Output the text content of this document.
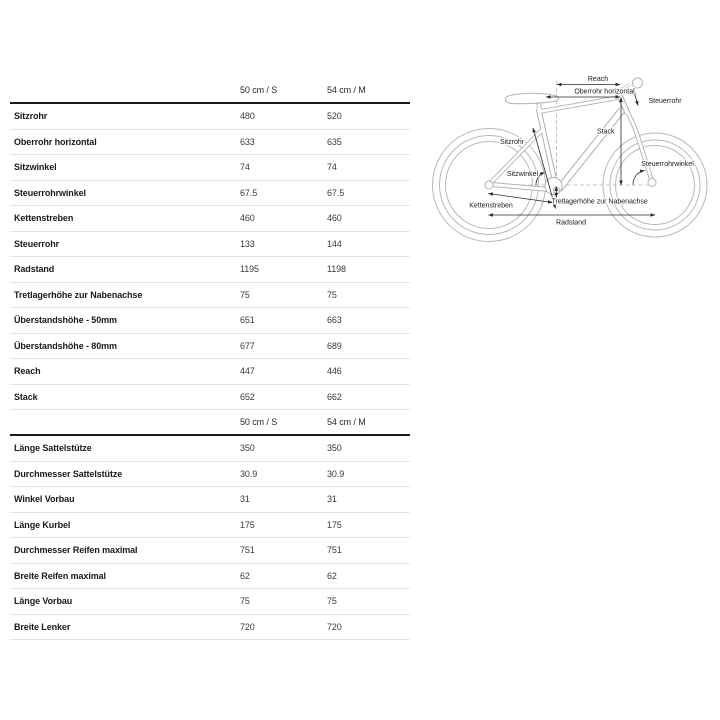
50 cm / S	54 cm / M
Sitzrohr	480	520
Oberrohr horizontal	633	635
Sitzwinkel	74	74
Steuerrohrwinkel	67.5	67.5
Kettenstreben	460	460
Steuerrohr	133	144
Radstand	1195	1198
Tretlagerhöhe zur Nabenachse	75	75
Überstandshöhe - 50mm	651	663
Überstandshöhe - 80mm	677	689
Reach	447	446
Stack	652	662
50 cm / S	54 cm / M
Länge Sattelstütze	350	350
Durchmesser Sattelstütze	30.9	30.9
Winkel Vorbau	31	31
Länge Kurbel	175	175
Durchmesser Reifen maximal	751	751
Breite Reifen maximal	62	62
Länge Vorbau	75	75
Breite Lenker	720	720
Reach
Oberrohr horizontal
Steuerrohr
Stack
Sitzrohr
Sitzwinkel
Kettenstreben
Tretlagerhöhe zur Nabenachse
Radstand
Steuerrohrwinkel
